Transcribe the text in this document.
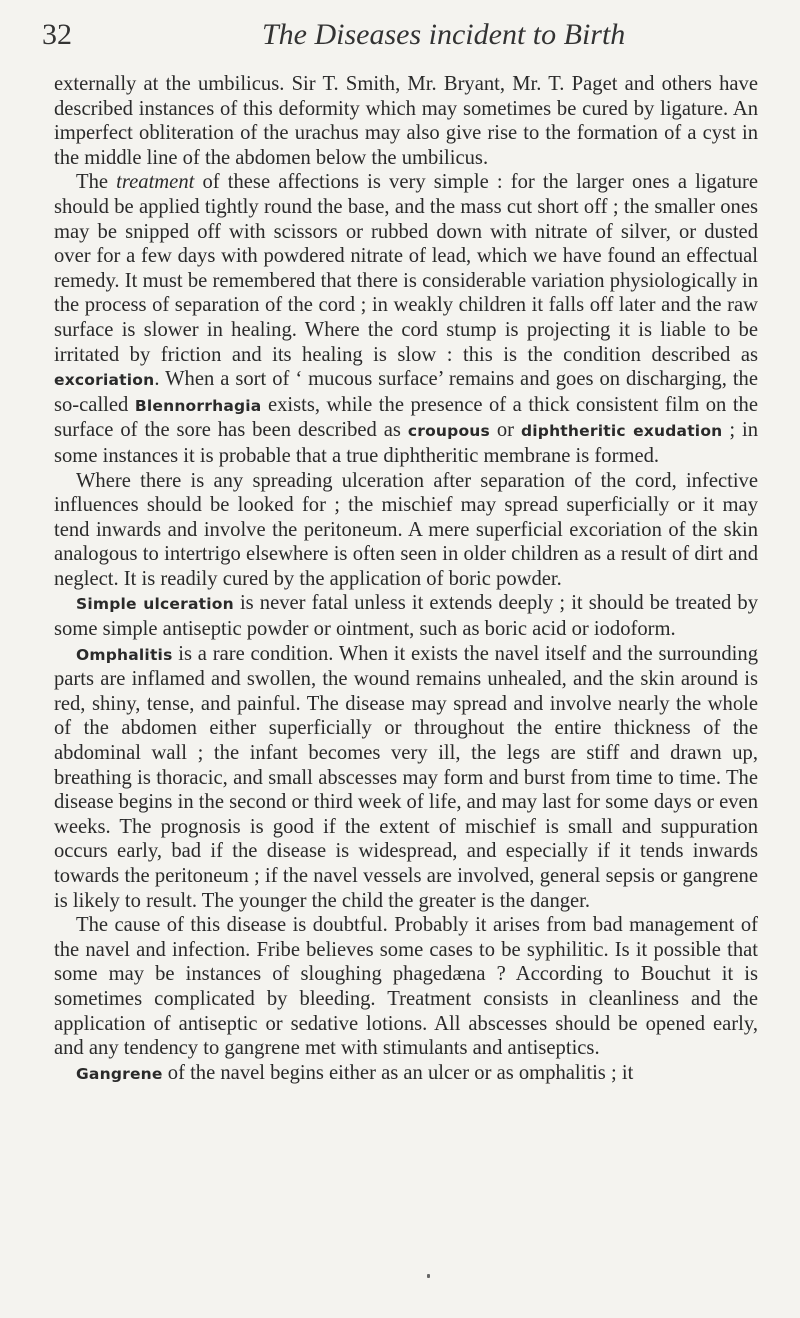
32	The Diseases incident to Birth

externally at the umbilicus. Sir T. Smith, Mr. Bryant, Mr. T. Paget and others have described instances of this deformity which may sometimes be cured by ligature. An imperfect obliteration of the urachus may also give rise to the formation of a cyst in the middle line of the abdomen below the umbilicus.

The treatment of these affections is very simple : for the larger ones a ligature should be applied tightly round the base, and the mass cut short off ; the smaller ones may be snipped off with scissors or rubbed down with nitrate of silver, or dusted over for a few days with powdered nitrate of lead, which we have found an effectual remedy. It must be remembered that there is considerable variation physiologically in the process of separation of the cord ; in weakly children it falls off later and the raw surface is slower in healing. Where the cord stump is projecting it is liable to be irritated by friction and its healing is slow : this is the condition described as excoriation. When a sort of ‘ mucous surface’ remains and goes on discharging, the so-called Blennorrhagia exists, while the presence of a thick consistent film on the surface of the sore has been described as croupous or diphtheritic exudation ; in some instances it is probable that a true diphtheritic membrane is formed.

Where there is any spreading ulceration after separation of the cord, infective influences should be looked for ; the mischief may spread superficially or it may tend inwards and involve the peritoneum. A mere superficial excoriation of the skin analogous to intertrigo elsewhere is often seen in older children as a result of dirt and neglect. It is readily cured by the application of boric powder.

Simple ulceration is never fatal unless it extends deeply ; it should be treated by some simple antiseptic powder or ointment, such as boric acid or iodoform.

Omphalitis is a rare condition. When it exists the navel itself and the surrounding parts are inflamed and swollen, the wound remains unhealed, and the skin around is red, shiny, tense, and painful. The disease may spread and involve nearly the whole of the abdomen either superficially or throughout the entire thickness of the abdominal wall ; the infant becomes very ill, the legs are stiff and drawn up, breathing is thoracic, and small abscesses may form and burst from time to time. The disease begins in the second or third week of life, and may last for some days or even weeks. The prognosis is good if the extent of mischief is small and suppuration occurs early, bad if the disease is widespread, and especially if it tends inwards towards the peritoneum ; if the navel vessels are involved, general sepsis or gangrene is likely to result. The younger the child the greater is the danger.

The cause of this disease is doubtful. Probably it arises from bad management of the navel and infection. Fribe believes some cases to be syphilitic. Is it possible that some may be instances of sloughing phagedæna ? According to Bouchut it is sometimes complicated by bleeding. Treatment consists in cleanliness and the application of antiseptic or sedative lotions. All abscesses should be opened early, and any tendency to gangrene met with stimulants and antiseptics.

Gangrene of the navel begins either as an ulcer or as omphalitis ; it
